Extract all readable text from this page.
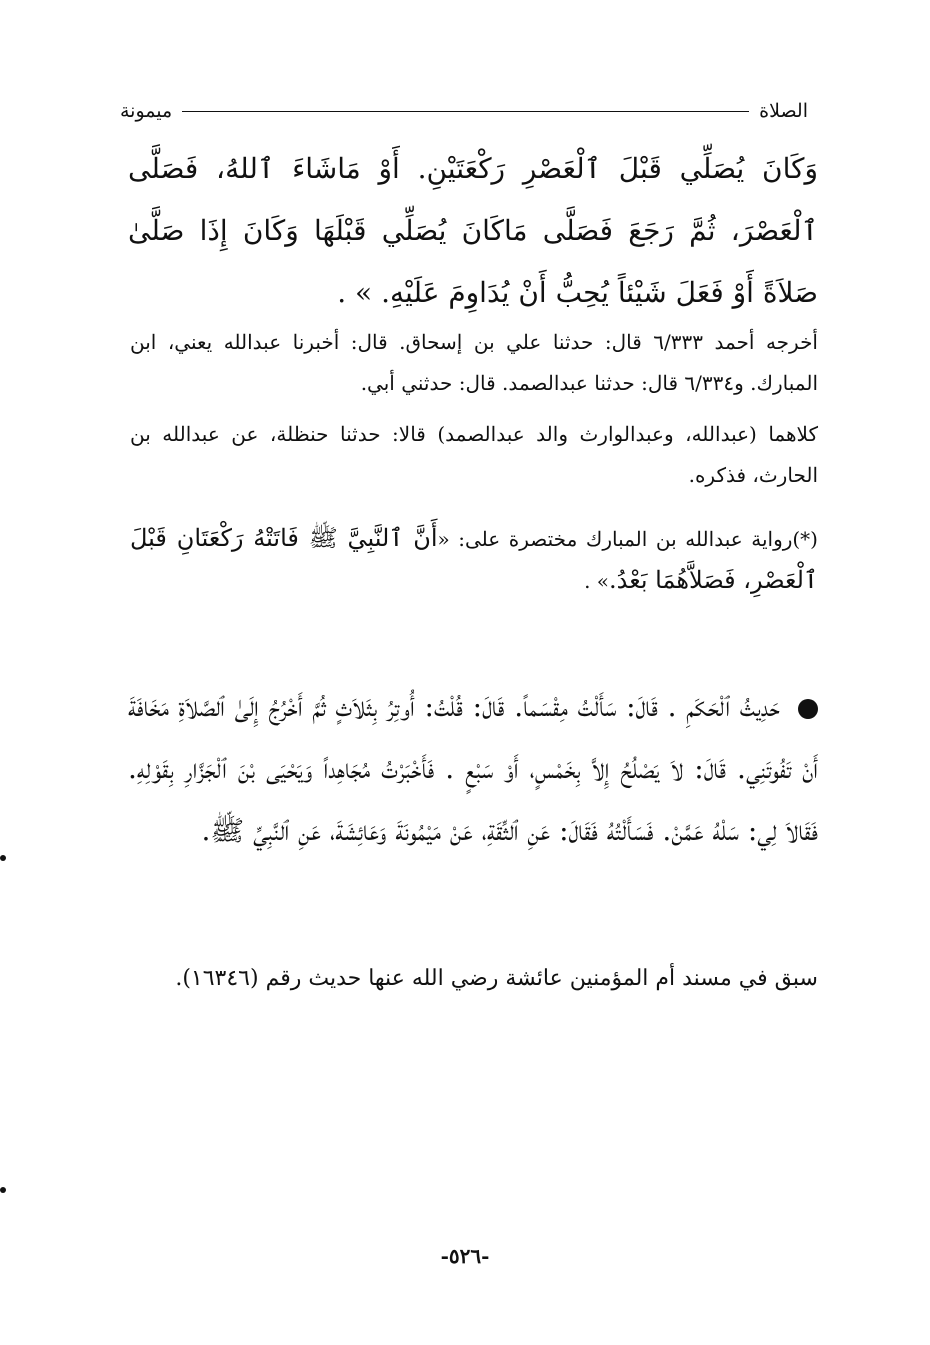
الصلاة
ميمونة
وَكَانَ يُصَلِّي قَبْلَ ٱلْعَصْرِ رَكْعَتَيْنِ. أَوْ مَاشَاءَ ٱللهُ، فَصَلَّى ٱلْعَصْرَ، ثُمَّ رَجَعَ فَصَلَّى مَاكَانَ يُصَلِّي قَبْلَهَا وَكَانَ إِذَا صَلَّىٰ صَلاَةً أَوْ فَعَلَ شَيْئاً يُحِبُّ أَنْ يُدَاوِمَ عَلَيْهِ. » .
أخرجه أحمد ٦/٣٣٣ قال: حدثنا علي بن إسحاق. قال: أخبرنا عبدالله يعني، ابن المبارك. و٦/٣٣٤ قال: حدثنا عبدالصمد. قال: حدثني أبي.
كلاهما (عبدالله، وعبدالوارث والد عبدالصمد) قالا: حدثنا حنظلة، عن عبدالله بن الحارث، فذكره.
(*)رواية عبدالله بن المبارك مختصرة على: «أَنَّ ٱلنَّبِيَّ ﷺ فَاتَتْهُ رَكْعَتَانِ قَبْلَ ٱلْعَصْرِ، فَصَلاَّهُمَا بَعْدُ.» .
حَدِيثُ ٱلْحَكَمِ . قَالَ: سَأَلْتُ مِقْسَماً. قَالَ: قُلْتُ: أُوتِرُ بِثَلاَثٍ ثُمَّ أَخْرُجُ إِلَىٰ ٱلصَّلاَةِ مَخَافَةَ أَنْ تَفُوتَنِي. قَالَ: لاَ يَصْلُحُ إِلاَّ بِخَمْسٍ، أَوْ سَبْعٍ . فَأَخْبَرْتُ مُجَاهِداً وَيَحْيَى بْنَ ٱلْجَزَّارِ بِقَوْلِهِ. فَقَالاَ لِي: سَلْهُ عَمَّنْ. فَسَأَلْتُهُ فَقَالَ: عَنِ ٱلثِّقَةِ، عَنْ مَيْمُونَةَ وَعَائِشَةَ، عَنِ ٱلنَّبِيِّ ﷺ.
سبق في مسند أم المؤمنين عائشة رضي الله عنها حديث رقم (١٦٣٤٦).
-٥٢٦-
